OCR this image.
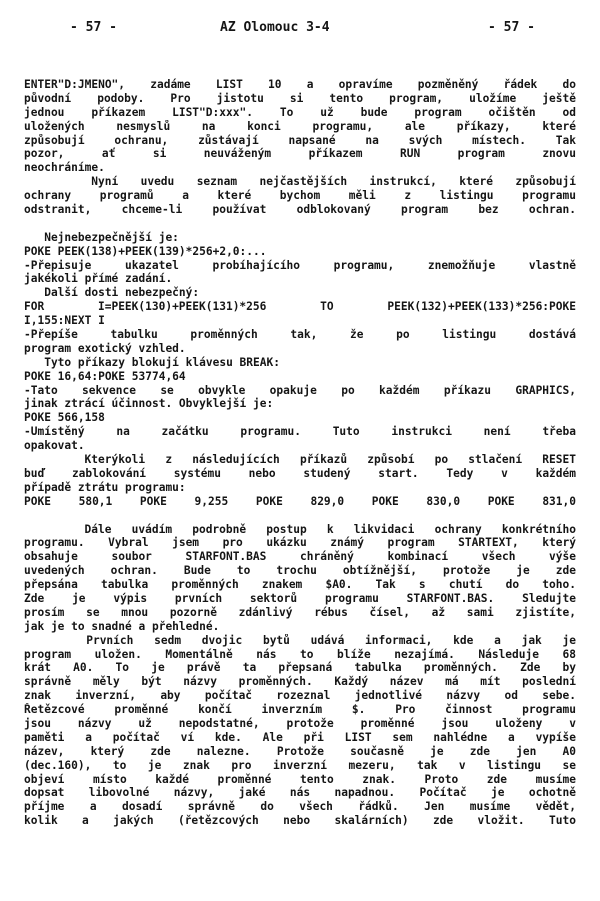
- 57 -	AZ Olomouc 3-4	- 57 -
ENTER"D:JMENO", zadáme LIST 10 a opravíme pozměněný řádek do
původní podoby. Pro jistotu si tento program, uložíme ještě
jednou příkazem LIST"D:xxx". To už bude program očištěn od
uložených nesmyslů na konci programu, ale příkazy, které
způsobují ochranu, zůstávají napsané na svých místech. Tak
pozor, ať si neuváženým příkazem RUN program znovu
neochráníme.
Nyní uvedu seznam nejčastějších instrukcí, které způsobují
ochrany programů a které bychom měli z listingu programu
odstranit, chceme-li používat odblokovaný program bez ochran.
Nejnebezpečnější je:
POKE PEEK(138)+PEEK(139)*256+2,0:...
-Přepisuje ukazatel probíhajícího programu, znemožňuje vlastně
jakékoli přímé zadání.
Další dosti nebezpečný:
FOR I=PEEK(130)+PEEK(131)*256 TO PEEK(132)+PEEK(133)*256:POKE
I,155:NEXT I
-Přepíše tabulku proměnných tak, že po listingu dostává
program exotický vzhled.
Tyto příkazy blokují klávesu BREAK:
POKE 16,64:POKE 53774,64
-Tato sekvence se obvykle opakuje po každém příkazu GRAPHICS,
jinak ztrácí účinnost. Obvyklejší je:
POKE 566,158
-Umístěný na začátku programu. Tuto instrukci není třeba
opakovat.
Kterýkoli z následujících příkazů způsobí po stlačení RESET
buď zablokování systému nebo studený start. Tedy v každém
případě ztrátu programu:
POKE 580,1 POKE 9,255 POKE 829,0 POKE 830,0 POKE 831,0
Dále uvádím podrobně postup k likvidaci ochrany konkrétního
programu. Vybral jsem pro ukázku známý program STARTEXT, který
obsahuje soubor STARFONT.BAS chráněný kombinací všech výše
uvedených ochran. Bude to trochu obtížnější, protože je zde
přepsána tabulka proměnných znakem $A0. Tak s chutí do toho.
Zde je výpis prvních sektorů programu STARFONT.BAS. Sledujte
prosím se mnou pozorně zdánlivý rébus čísel, až sami zjistíte,
jak je to snadné a přehledné.
Prvních sedm dvojic bytů udává informaci, kde a jak je
program uložen. Momentálně nás to blíže nezajímá. Následuje 68
krát A0. To je právě ta přepsaná tabulka proměnných. Zde by
správně měly být názvy proměnných. Každý název má mít poslední
znak inverzní, aby počítač rozeznal jednotlivé názvy od sebe.
Řetězcové proměnné končí inverzním $. Pro činnost programu
jsou názvy už nepodstatné, protože proměnné jsou uloženy v
paměti a počítač ví kde. Ale při LIST sem nahlédne a vypíše
název, který zde nalezne. Protože současně je zde jen A0
(dec.160), to je znak pro inverzní mezeru, tak v listingu se
objeví místo každé proměnné tento znak. Proto zde musíme
dopsat libovolné názvy, jaké nás napadnou. Počítač je ochotně
příjme a dosadí správně do všech řádků. Jen musíme vědět,
kolik a jakých (řetězcových nebo skalárních) zde vložit. Tuto
